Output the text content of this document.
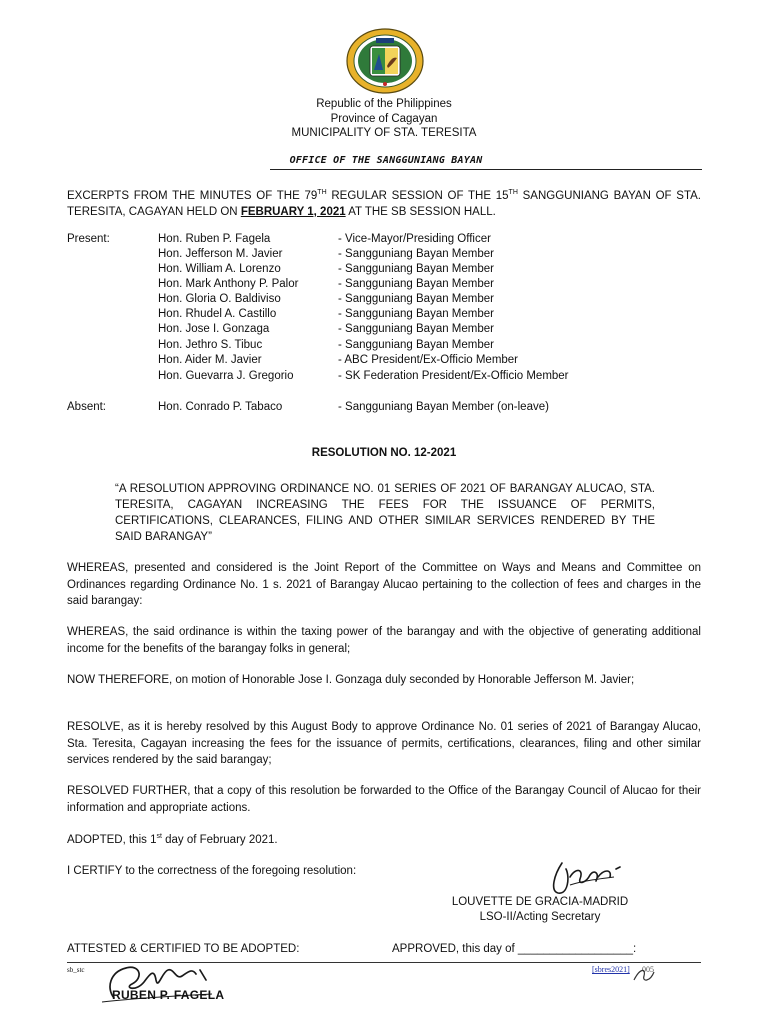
Republic of the Philippines
Province of Cagayan
MUNICIPALITY OF STA. TERESITA
OFFICE OF THE SANGGUNIANG BAYAN
EXCERPTS FROM THE MINUTES OF THE 79TH REGULAR SESSION OF THE 15TH SANGGUNIANG BAYAN OF STA. TERESITA, CAGAYAN HELD ON FEBRUARY 1, 2021 AT THE SB SESSION HALL.
Present:	Hon. Ruben P. Fagela	- Vice-Mayor/Presiding Officer
Hon. Jefferson M. Javier	- Sangguniang Bayan Member
Hon. William A. Lorenzo	- Sangguniang Bayan Member
Hon. Mark Anthony P. Palor	- Sangguniang Bayan Member
Hon. Gloria O. Baldiviso	- Sangguniang Bayan Member
Hon. Rhudel A. Castillo	- Sangguniang Bayan Member
Hon. Jose I. Gonzaga	- Sangguniang Bayan Member
Hon. Jethro S. Tibuc	- Sangguniang Bayan Member
Hon. Aider M. Javier	- ABC President/Ex-Officio Member
Hon. Guevarra J. Gregorio	- SK Federation President/Ex-Officio Member
Absent:	Hon. Conrado P. Tabaco	- Sangguniang Bayan Member (on-leave)
RESOLUTION NO. 12-2021
“A RESOLUTION APPROVING ORDINANCE NO. 01 SERIES OF 2021 OF BARANGAY ALUCAO, STA. TERESITA, CAGAYAN INCREASING THE FEES FOR THE ISSUANCE OF PERMITS, CERTIFICATIONS, CLEARANCES, FILING AND OTHER SIMILAR SERVICES RENDERED BY THE SAID BARANGAY”
WHEREAS, presented and considered is the Joint Report of the Committee on Ways and Means and Committee on Ordinances regarding Ordinance No. 1 s. 2021 of Barangay Alucao pertaining to the collection of fees and charges in the said barangay:
WHEREAS, the said ordinance is within the taxing power of the barangay and with the objective of generating additional income for the benefits of the barangay folks in general;
NOW THEREFORE, on motion of Honorable Jose I. Gonzaga duly seconded by Honorable Jefferson M. Javier;
RESOLVE, as it is hereby resolved by this August Body to approve Ordinance No. 01 series of 2021 of Barangay Alucao, Sta. Teresita, Cagayan increasing the fees for the issuance of permits, certifications, clearances, filing and other similar services rendered by the said barangay;
RESOLVED FURTHER, that a copy of this resolution be forwarded to the Office of the Barangay Council of Alucao for their information and appropriate actions.
ADOPTED, this 1st day of February 2021.
I CERTIFY to the correctness of the foregoing resolution:
LOUVETTE DE GRACIA-MADRID
LSO-II/Acting Secretary
ATTESTED & CERTIFIED TO BE ADOPTED:	APPROVED, this day of __________________:
sb_stc	[sbres2021] 005
RUBEN P. FAGELA
